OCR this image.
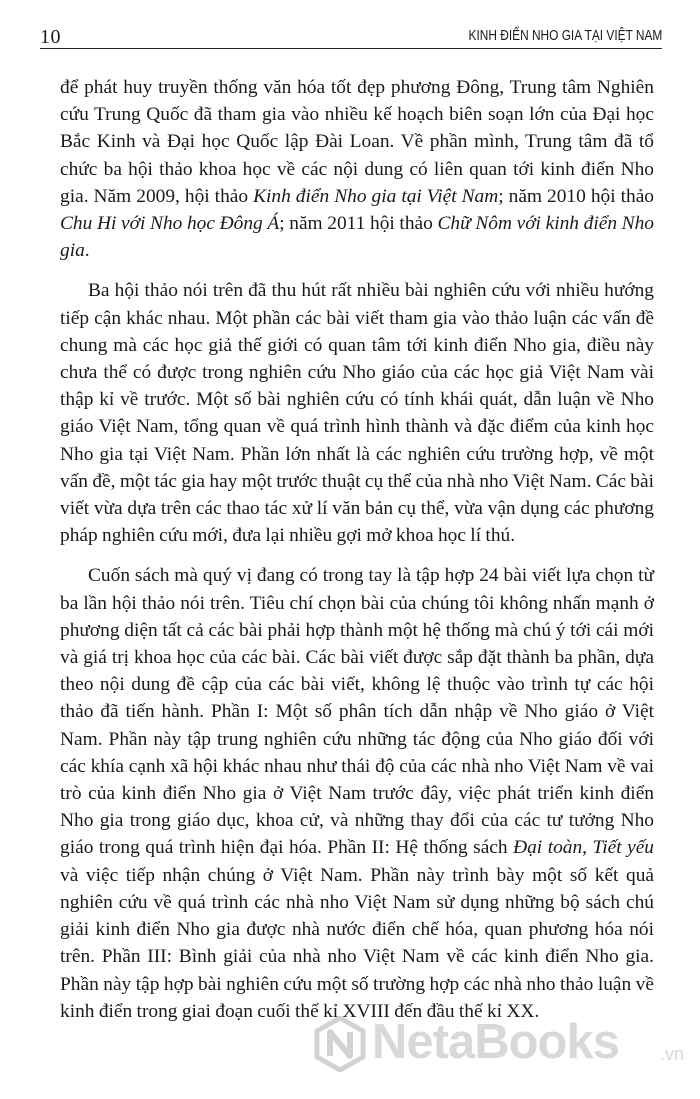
10	KINH ĐIỂN NHO GIA TẠI VIỆT NAM

để phát huy truyền thống văn hóa tốt đẹp phương Đông, Trung tâm Nghiên cứu Trung Quốc đã tham gia vào nhiều kế hoạch biên soạn lớn của Đại học Bắc Kinh và Đại học Quốc lập Đài Loan. Về phần mình, Trung tâm đã tổ chức ba hội thảo khoa học về các nội dung có liên quan tới kinh điển Nho gia. Năm 2009, hội thảo Kinh điển Nho gia tại Việt Nam; năm 2010 hội thảo Chu Hi với Nho học Đông Á; năm 2011 hội thảo Chữ Nôm với kinh điển Nho gia.

Ba hội thảo nói trên đã thu hút rất nhiều bài nghiên cứu với nhiều hướng tiếp cận khác nhau. Một phần các bài viết tham gia vào thảo luận các vấn đề chung mà các học giả thế giới có quan tâm tới kinh điển Nho gia, điều này chưa thể có được trong nghiên cứu Nho giáo của các học giả Việt Nam vài thập kỉ về trước. Một số bài nghiên cứu có tính khái quát, dẫn luận về Nho giáo Việt Nam, tổng quan về quá trình hình thành và đặc điểm của kinh học Nho gia tại Việt Nam. Phần lớn nhất là các nghiên cứu trường hợp, về một vấn đề, một tác gia hay một trước thuật cụ thể của nhà nho Việt Nam. Các bài viết vừa dựa trên các thao tác xử lí văn bản cụ thể, vừa vận dụng các phương pháp nghiên cứu mới, đưa lại nhiều gợi mở khoa học lí thú.

Cuốn sách mà quý vị đang có trong tay là tập hợp 24 bài viết lựa chọn từ ba lần hội thảo nói trên. Tiêu chí chọn bài của chúng tôi không nhấn mạnh ở phương diện tất cả các bài phải hợp thành một hệ thống mà chú ý tới cái mới và giá trị khoa học của các bài. Các bài viết được sắp đặt thành ba phần, dựa theo nội dung đề cập của các bài viết, không lệ thuộc vào trình tự các hội thảo đã tiến hành. Phần I: Một số phân tích dẫn nhập về Nho giáo ở Việt Nam. Phần này tập trung nghiên cứu những tác động của Nho giáo đối với các khía cạnh xã hội khác nhau như thái độ của các nhà nho Việt Nam về vai trò của kinh điển Nho gia ở Việt Nam trước đây, việc phát triển kinh điển Nho gia trong giáo dục, khoa cử, và những thay đổi của các tư tưởng Nho giáo trong quá trình hiện đại hóa. Phần II: Hệ thống sách Đại toàn, Tiết yếu và việc tiếp nhận chúng ở Việt Nam. Phần này trình bày một số kết quả nghiên cứu về quá trình các nhà nho Việt Nam sử dụng những bộ sách chú giải kinh điển Nho gia được nhà nước điển chế hóa, quan phương hóa nói trên. Phần III: Bình giải của nhà nho Việt Nam về các kinh điển Nho gia. Phần này tập hợp bài nghiên cứu một số trường hợp các nhà nho thảo luận về kinh điển trong giai đoạn cuối thế kỉ XVIII đến đầu thế kỉ XX.

NetaBooks .vn
